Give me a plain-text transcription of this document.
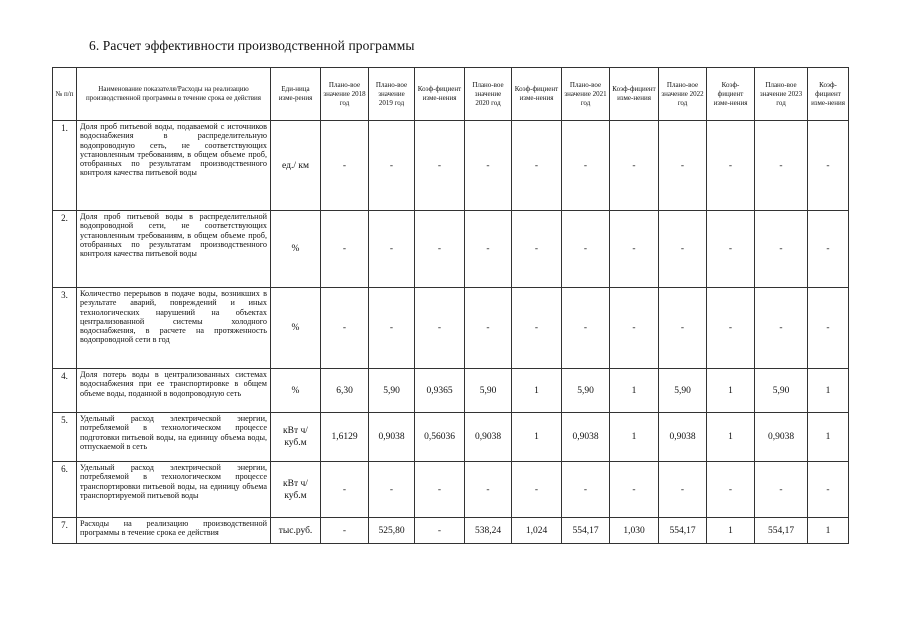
6. Расчет эффективности производственной программы
№ п/п	Наименование показателя/Расходы на реализацию производственной программы в течение срока ее действия	Еди-ница изме-рения	Плано-вое значение 2018 год	Плано-вое значение 2019 год	Коэф-фициент изме-нения	Плано-вое значение 2020 год	Коэф-фициент изме-нения	Плано-вое значение 2021 год	Коэф-фициент изме-нения	Плано-вое значение 2022 год	Коэф-фициент изме-нения	Плано-вое значение 2023 год	Коэф-фициент изме-нения
1.	Доля проб питьевой воды, подаваемой с источников водоснабжения в распределительную водопроводную сеть, не соответствующих установленным требованиям, в общем объеме проб, отобранных по результатам производственного контроля качества питьевой воды	ед./ км	-	-	-	-	-	-	-	-	-	-	-
2.	Доля проб питьевой воды в распределительной водопроводной сети, не соответствующих установленным требованиям, в общем объеме проб, отобранных по результатам производственного контроля качества питьевой воды	%	-	-	-	-	-	-	-	-	-	-	-
3.	Количество перерывов в подаче воды, возникших в результате аварий, повреждений и иных технологических нарушений на объектах централизованной системы холодного водоснабжения, в расчете на протяженность водопроводной сети в год	%	-	-	-	-	-	-	-	-	-	-	-
4.	Доля потерь воды в централизованных системах водоснабжения при ее транспортировке в общем объеме воды, поданной в водопроводную сеть	%	6,30	5,90	0,9365	5,90	1	5,90	1	5,90	1	5,90	1
5.	Удельный расход электрической энергии, потребляемой в технологическом процессе подготовки питьевой воды, на единицу объема воды, отпускаемой в сеть	кВт ч/куб.м	1,6129	0,9038	0,56036	0,9038	1	0,9038	1	0,9038	1	0,9038	1
6.	Удельный расход электрической энергии, потребляемой в технологическом процессе транспортировки питьевой воды, на единицу объема транспортируемой питьевой воды	кВт ч/куб.м	-	-	-	-	-	-	-	-	-	-	-
7.	Расходы на реализацию производственной программы в течение срока ее действия	тыс.руб.	-	525,80	-	538,24	1,024	554,17	1,030	554,17	1	554,17	1
